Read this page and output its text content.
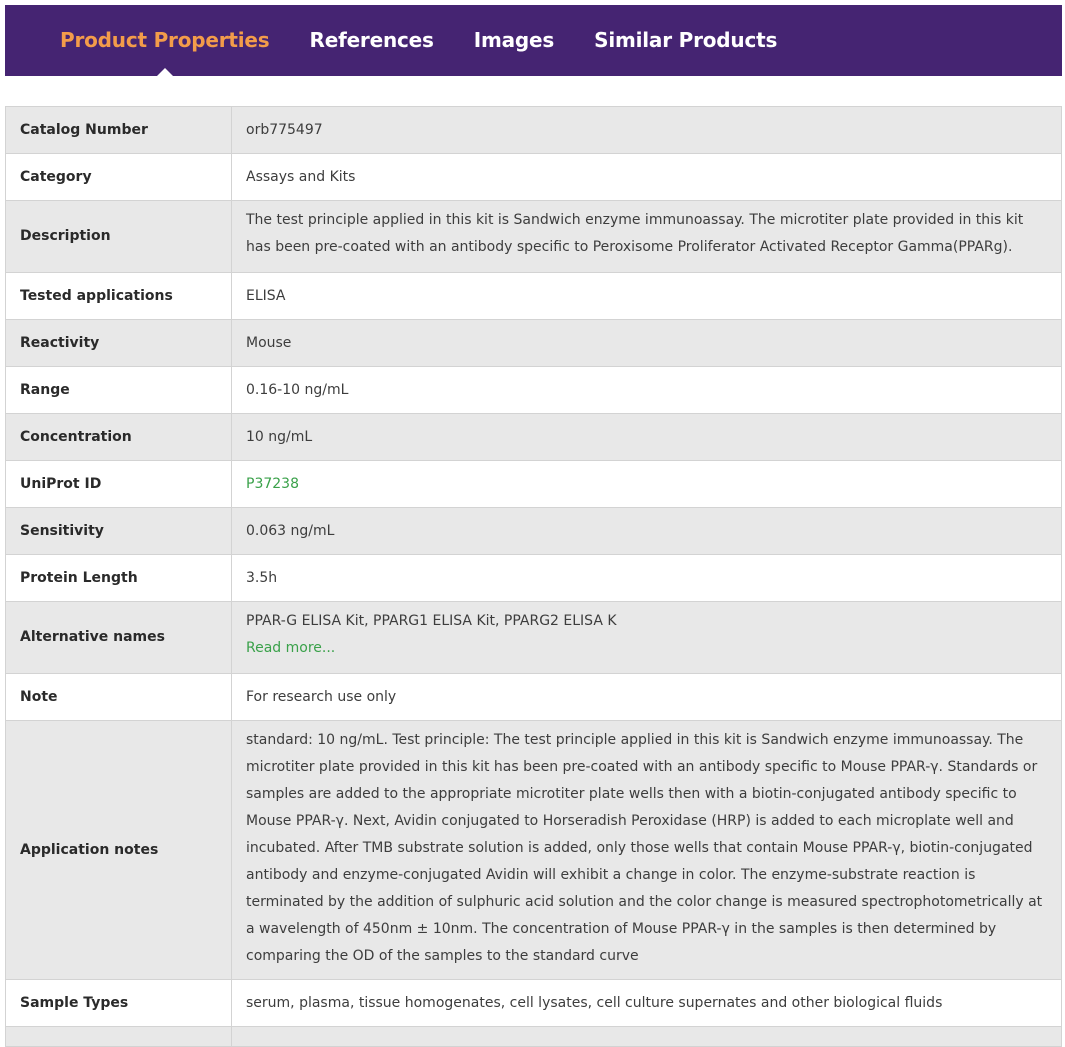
Product Properties References Images Similar Products
Catalog Number	orb775497
Category	Assays and Kits
Description	The test principle applied in this kit is Sandwich enzyme immunoassay. The microtiter plate provided in this kit has been pre-coated with an antibody specific to Peroxisome Proliferator Activated Receptor Gamma(PPARg).
Tested applications	ELISA
Reactivity	Mouse
Range	0.16-10 ng/mL
Concentration	10 ng/mL
UniProt ID	P37238
Sensitivity	0.063 ng/mL
Protein Length	3.5h
Alternative names	PPAR-G ELISA Kit, PPARG1 ELISA Kit, PPARG2 ELISA K
Read more...
Note	For research use only
Application notes	standard: 10 ng/mL. Test principle: The test principle applied in this kit is Sandwich enzyme immunoassay. The microtiter plate provided in this kit has been pre-coated with an antibody specific to Mouse PPAR-γ. Standards or samples are added to the appropriate microtiter plate wells then with a biotin-conjugated antibody specific to Mouse PPAR-γ. Next, Avidin conjugated to Horseradish Peroxidase (HRP) is added to each microplate well and incubated. After TMB substrate solution is added, only those wells that contain Mouse PPAR-γ, biotin-conjugated antibody and enzyme-conjugated Avidin will exhibit a change in color. The enzyme-substrate reaction is terminated by the addition of sulphuric acid solution and the color change is measured spectrophotometrically at a wavelength of 450nm ± 10nm. The concentration of Mouse PPAR-γ in the samples is then determined by comparing the OD of the samples to the standard curve
Sample Types	serum, plasma, tissue homogenates, cell lysates, cell culture supernates and other biological fluids
